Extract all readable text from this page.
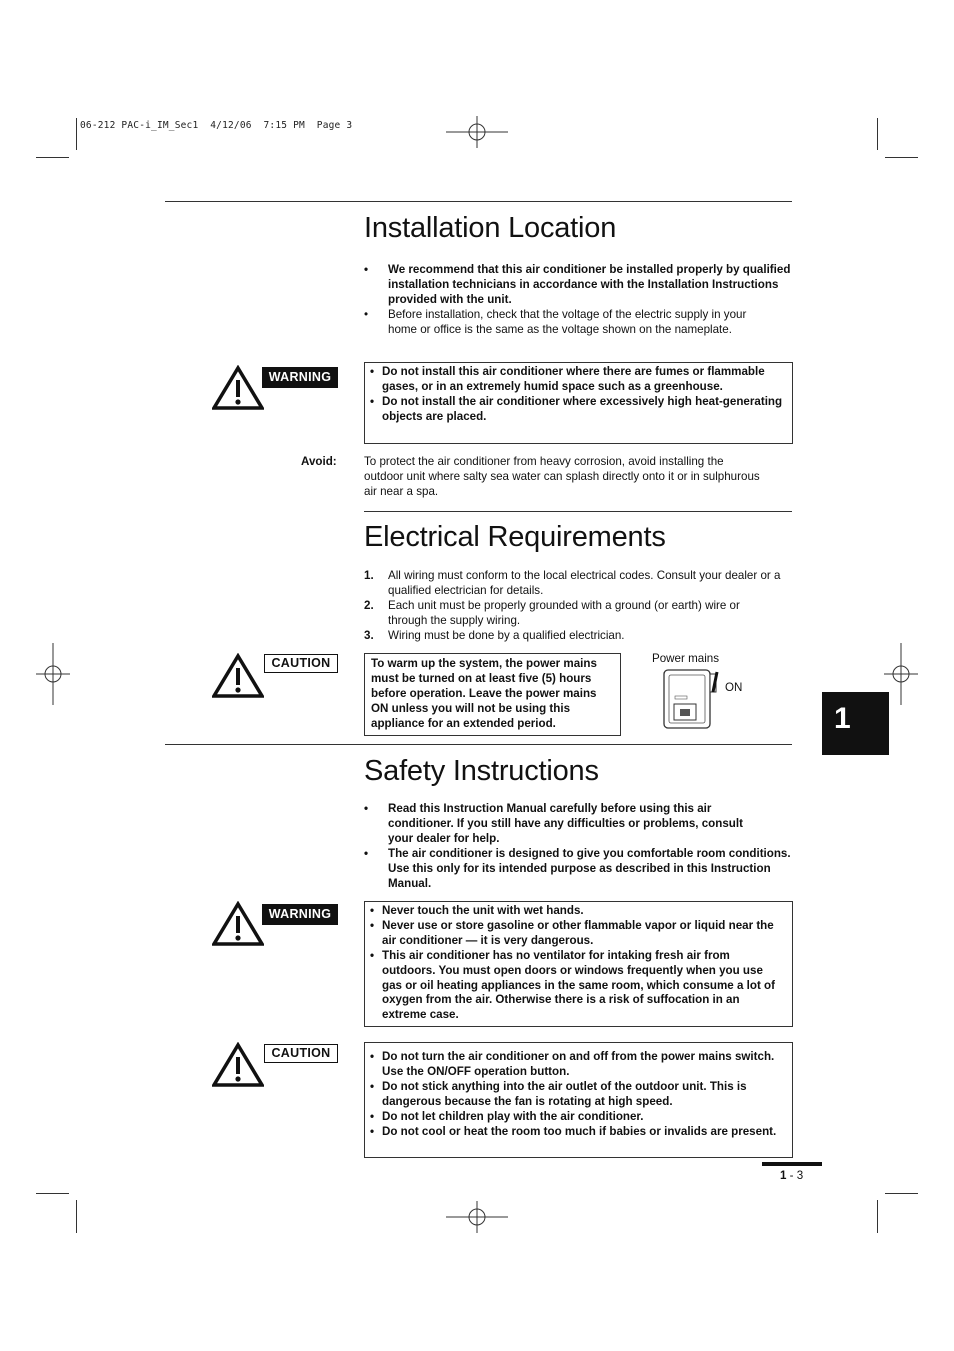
06-212 PAC-i_IM_Sec1  4/12/06  7:15 PM  Page 3
Installation Location
• We recommend that this air conditioner be installed properly by qualified installation technicians in accordance with the Installation Instructions provided with the unit.
• Before installation, check that the voltage of the electric supply in your home or office is the same as the voltage shown on the nameplate.
WARNING	• Do not install this air conditioner where there are fumes or flammable gases, or in an extremely humid space such as a greenhouse.
• Do not install the air conditioner where excessively high heat-generating objects are placed.
Avoid: To protect the air conditioner from heavy corrosion, avoid installing the outdoor unit where salty sea water can splash directly onto it or in sulphurous air near a spa.
Electrical Requirements
1. All wiring must conform to the local electrical codes. Consult your dealer or a qualified electrician for details.
2. Each unit must be properly grounded with a ground (or earth) wire or through the supply wiring.
3. Wiring must be done by a qualified electrician.
CAUTION	To warm up the system, the power mains must be turned on at least five (5) hours before operation. Leave the power mains ON unless you will not be using this appliance for an extended period.
Power mains
ON
Safety Instructions
• Read this Instruction Manual carefully before using this air conditioner. If you still have any difficulties or problems, consult your dealer for help.
• The air conditioner is designed to give you comfortable room conditions. Use this only for its intended purpose as described in this Instruction Manual.
WARNING	• Never touch the unit with wet hands.
• Never use or store gasoline or other flammable vapor or liquid near the air conditioner — it is very dangerous.
• This air conditioner has no ventilator for intaking fresh air from outdoors. You must open doors or windows frequently when you use gas or oil heating appliances in the same room, which consume a lot of oxygen from the air. Otherwise there is a risk of suffocation in an extreme case.
CAUTION	• Do not turn the air conditioner on and off from the power mains switch. Use the ON/OFF operation button.
• Do not stick anything into the air outlet of the outdoor unit. This is dangerous because the fan is rotating at high speed.
• Do not let children play with the air conditioner.
• Do not cool or heat the room too much if babies or invalids are present.
1
1 - 3
